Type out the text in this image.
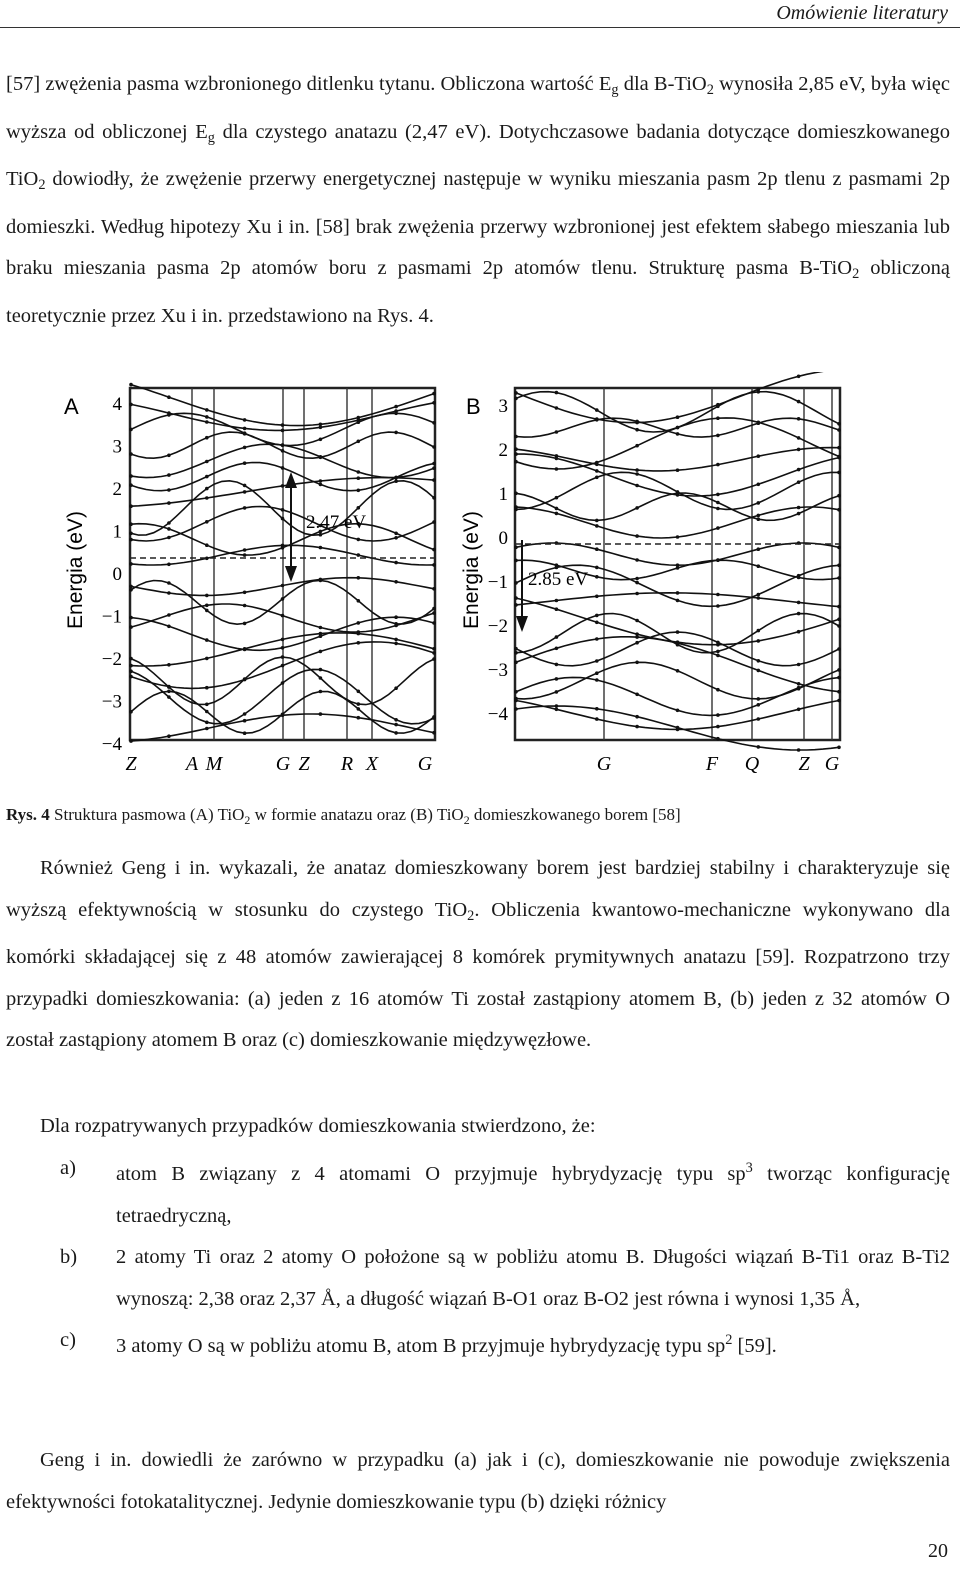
Omówienie literatury

[57] zwężenia pasma wzbronionego ditlenku tytanu. Obliczona wartość $E_g$ dla B-TiO$_2$ wynosiła 2,85 eV, była więc wyższa od obliczonej $E_g$ dla czystego anatazu (2,47 eV). Dotychczasowe badania dotyczące domieszkowanego TiO$_2$ dowiodły, że zwężenie przerwy energetycznej następuje w wyniku mieszania pasm 2p tlenu z pasmami 2p domieszki. Według hipotezy Xu i in. [58] brak zwężenia przerwy wzbronionej jest efektem słabego mieszania lub braku mieszania pasma 2p atomów boru z pasmami 2p atomów tlenu. Strukturę pasma B-TiO$_2$ obliczoną teoretycznie przez Xu i in. przedstawiono na Rys. 4.

A
Energia (eV)
4
3
2
1
0
−1
−2
−3
−4
Z A M	G Z R X G
2.47 eV
B
Energia (eV)
3
2
1
0
−1
−2
−3
−4
G	F Q Z G
2.85 eV
Rys. 4 Struktura pasmowa (A) TiO$_2$ w formie anatazu oraz (B) TiO$_2$ domieszkowanego borem [58]

Również Geng i in. wykazali, że anataz domieszkowany borem jest bardziej stabilny i charakteryzuje się wyższą efektywnością w stosunku do czystego TiO$_2$. Obliczenia kwantowo-mechaniczne wykonywano dla komórki składającej się z 48 atomów zawierającej 8 komórek prymitywnych anatazu [59]. Rozpatrzono trzy przypadki domieszkowania: (a) jeden z 16 atomów Ti został zastąpiony atomem B, (b) jeden z 32 atomów O został zastąpiony atomem B oraz (c) domieszkowanie międzywęzłowe.

Dla rozpatrywanych przypadków domieszkowania stwierdzono, że:

a)	atom B związany z 4 atomami O przyjmuje hybrydyzację typu $sp^3$ tworząc konfigurację tetraedryczną,
b)	2 atomy Ti oraz 2 atomy O położone są w pobliżu atomu B. Długości wiązań B-Ti1 oraz B-Ti2 wynoszą: 2,38 oraz 2,37 Å, a długość wiązań B-O1 oraz B-O2 jest równa i wynosi 1,35 Å,
c)	3 atomy O są w pobliżu atomu B, atom B przyjmuje hybrydyzację typu $sp^2$ [59].

Geng i in. dowiedli że zarówno w przypadku (a) jak i (c), domieszkowanie nie powoduje zwiększenia efektywności fotokatalitycznej. Jedynie domieszkowanie typu (b) dzięki różnicy

20
